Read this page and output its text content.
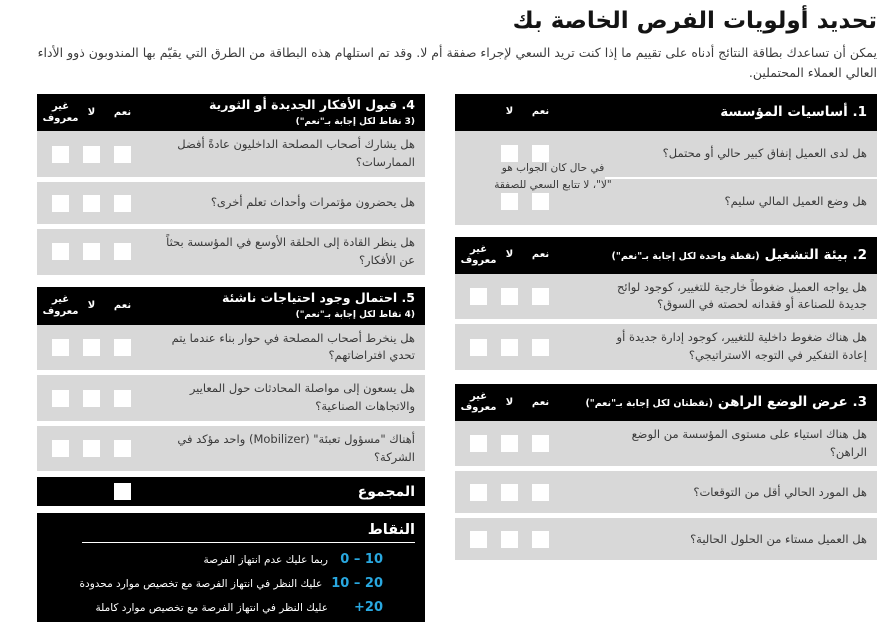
تحديد أولويات الفرص الخاصة بك

يمكن أن تساعدك بطاقة النتائج أدناه على تقييم ما إذا كنت تريد السعي لإجراء صفقة أم لا. وقد تم استلهام هذه البطاقة من الطرق التي يقيّم بها المندوبون ذوو الأداء العالي العملاء المحتملين.

1. أساسيات المؤسسة
لا	نعم
هل لدى العميل إنفاق كبير حالي أو محتمل؟
هل وضع العميل المالي سليم؟
في حال كان الجواب هو "لا"، لا تتابع السعي للصفقة
2. بيئة التشغيل
(نقطة واحدة لكل إجابة بـ"نعم")
غير معروف
لا	نعم
هل يواجه العميل ضغوطاً خارجية للتغيير، كوجود لوائح جديدة للصناعة أو فقدانه لحصته في السوق؟
هل هناك ضغوط داخلية للتغيير، كوجود إدارة جديدة أو إعادة التفكير في التوجه الاستراتيجي؟
3. عرض الوضع الراهن
(نقطتان لكل إجابة بـ"نعم")
غير معروف
لا	نعم
هل هناك استياء على مستوى المؤسسة من الوضع الراهن؟
هل المورد الحالي أقل من التوقعات؟
هل العميل مستاء من الحلول الحالية؟
4. قبول الأفكار الجديدة أو الثورية
(3 نقاط لكل إجابة بـ"نعم")
غير معروف
لا	نعم
هل يشارك أصحاب المصلحة الداخليون عادةً أفضل الممارسات؟
هل يحضرون مؤتمرات وأحداث تعلم أخرى؟
هل ينظر القادة إلى الحلقة الأوسع في المؤسسة بحثاً عن الأفكار؟
5. احتمال وجود احتياجات ناشئة
(4 نقاط لكل إجابة بـ"نعم")
غير معروف
لا	نعم
هل ينخرط أصحاب المصلحة في حوار بناء عندما يتم تحدي افتراضاتهم؟
هل يسعون إلى مواصلة المحادثات حول المعايير والاتجاهات الصناعية؟
أهناك "مسؤول تعبئة" (Mobilizer) واحد مؤكد في الشركة؟
المجموع
النقاط
0 – 10
ربما عليك عدم انتهاز الفرصة
10 – 20
عليك النظر في انتهاز الفرصة مع تخصيص موارد محدودة
+20
عليك النظر في انتهاز الفرصة مع تخصيص موارد كاملة
